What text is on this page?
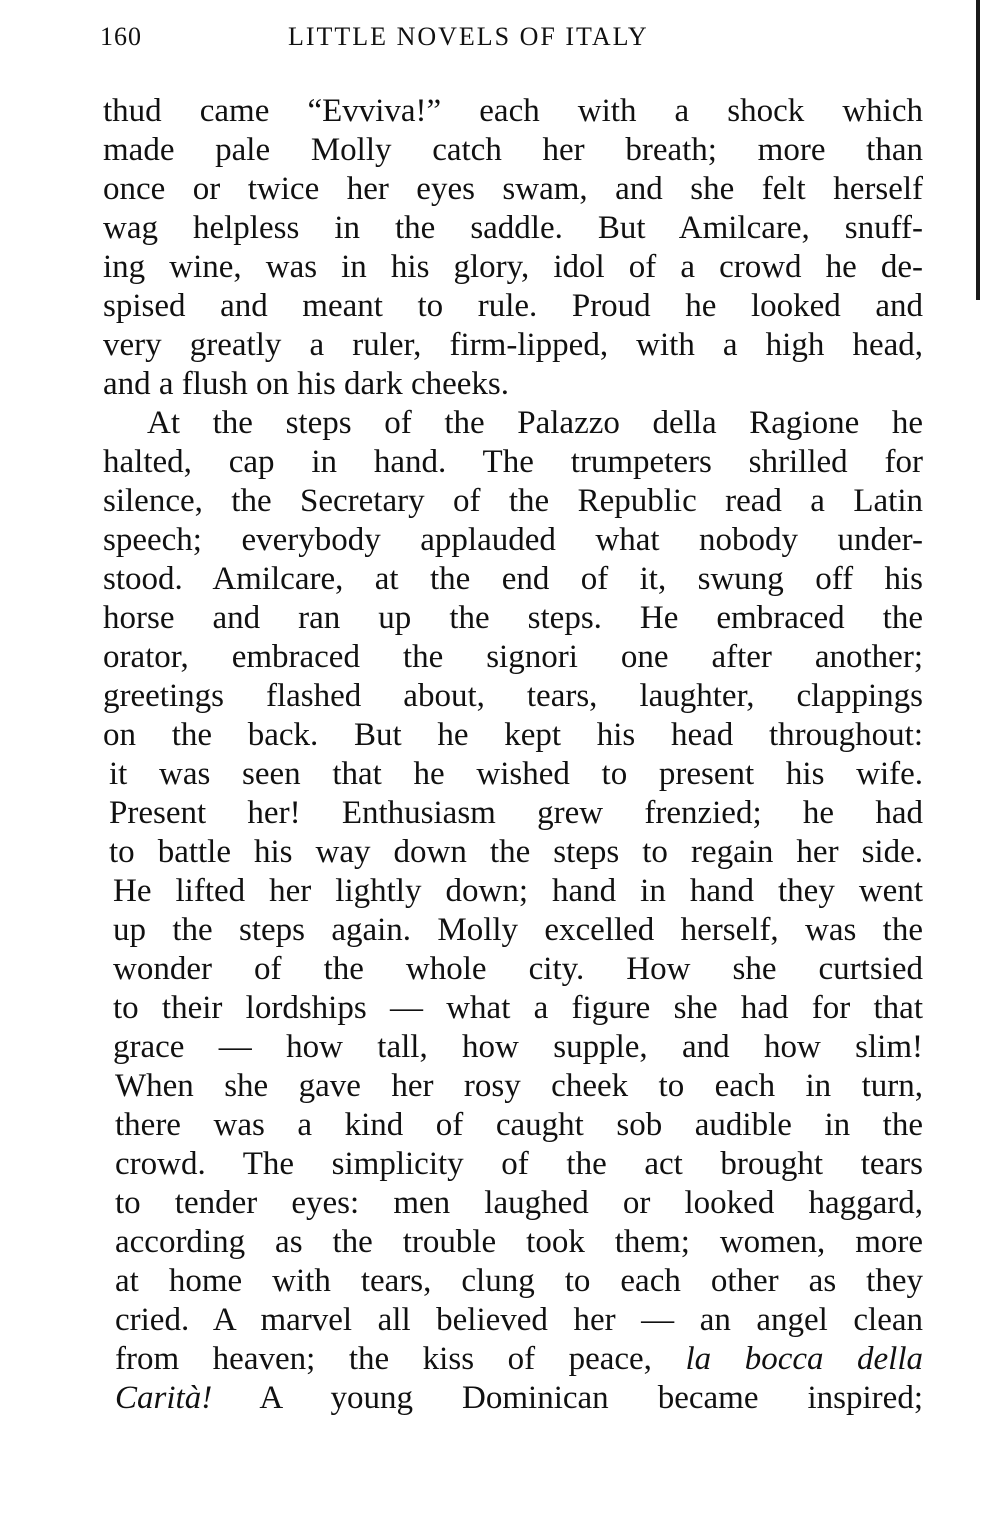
160	LITTLE NOVELS OF ITALY
thud came “Evviva!” each with a shock which
made pale Molly catch her breath; more than
once or twice her eyes swam, and she felt herself
wag helpless in the saddle. But Amilcare, snuff-
ing wine, was in his glory, idol of a crowd he de-
spised and meant to rule. Proud he looked and
very greatly a ruler, firm-lipped, with a high head,
and a flush on his dark cheeks.
At the steps of the Palazzo della Ragione he
halted, cap in hand. The trumpeters shrilled for
silence, the Secretary of the Republic read a Latin
speech; everybody applauded what nobody under-
stood. Amilcare, at the end of it, swung off his
horse and ran up the steps. He embraced the
orator, embraced the signori one after another;
greetings flashed about, tears, laughter, clappings
on the back. But he kept his head throughout:
it was seen that he wished to present his wife.
Present her! Enthusiasm grew frenzied; he had
to battle his way down the steps to regain her side.
He lifted her lightly down; hand in hand they went
up the steps again. Molly excelled herself, was the
wonder of the whole city. How she curtsied
to their lordships — what a figure she had for that
grace — how tall, how supple, and how slim!
When she gave her rosy cheek to each in turn,
there was a kind of caught sob audible in the
crowd. The simplicity of the act brought tears
to tender eyes: men laughed or looked haggard,
according as the trouble took them; women, more
at home with tears, clung to each other as they
cried. A marvel all believed her — an angel clean
from heaven; the kiss of peace, la bocca della
Carità! A young Dominican became inspired;
